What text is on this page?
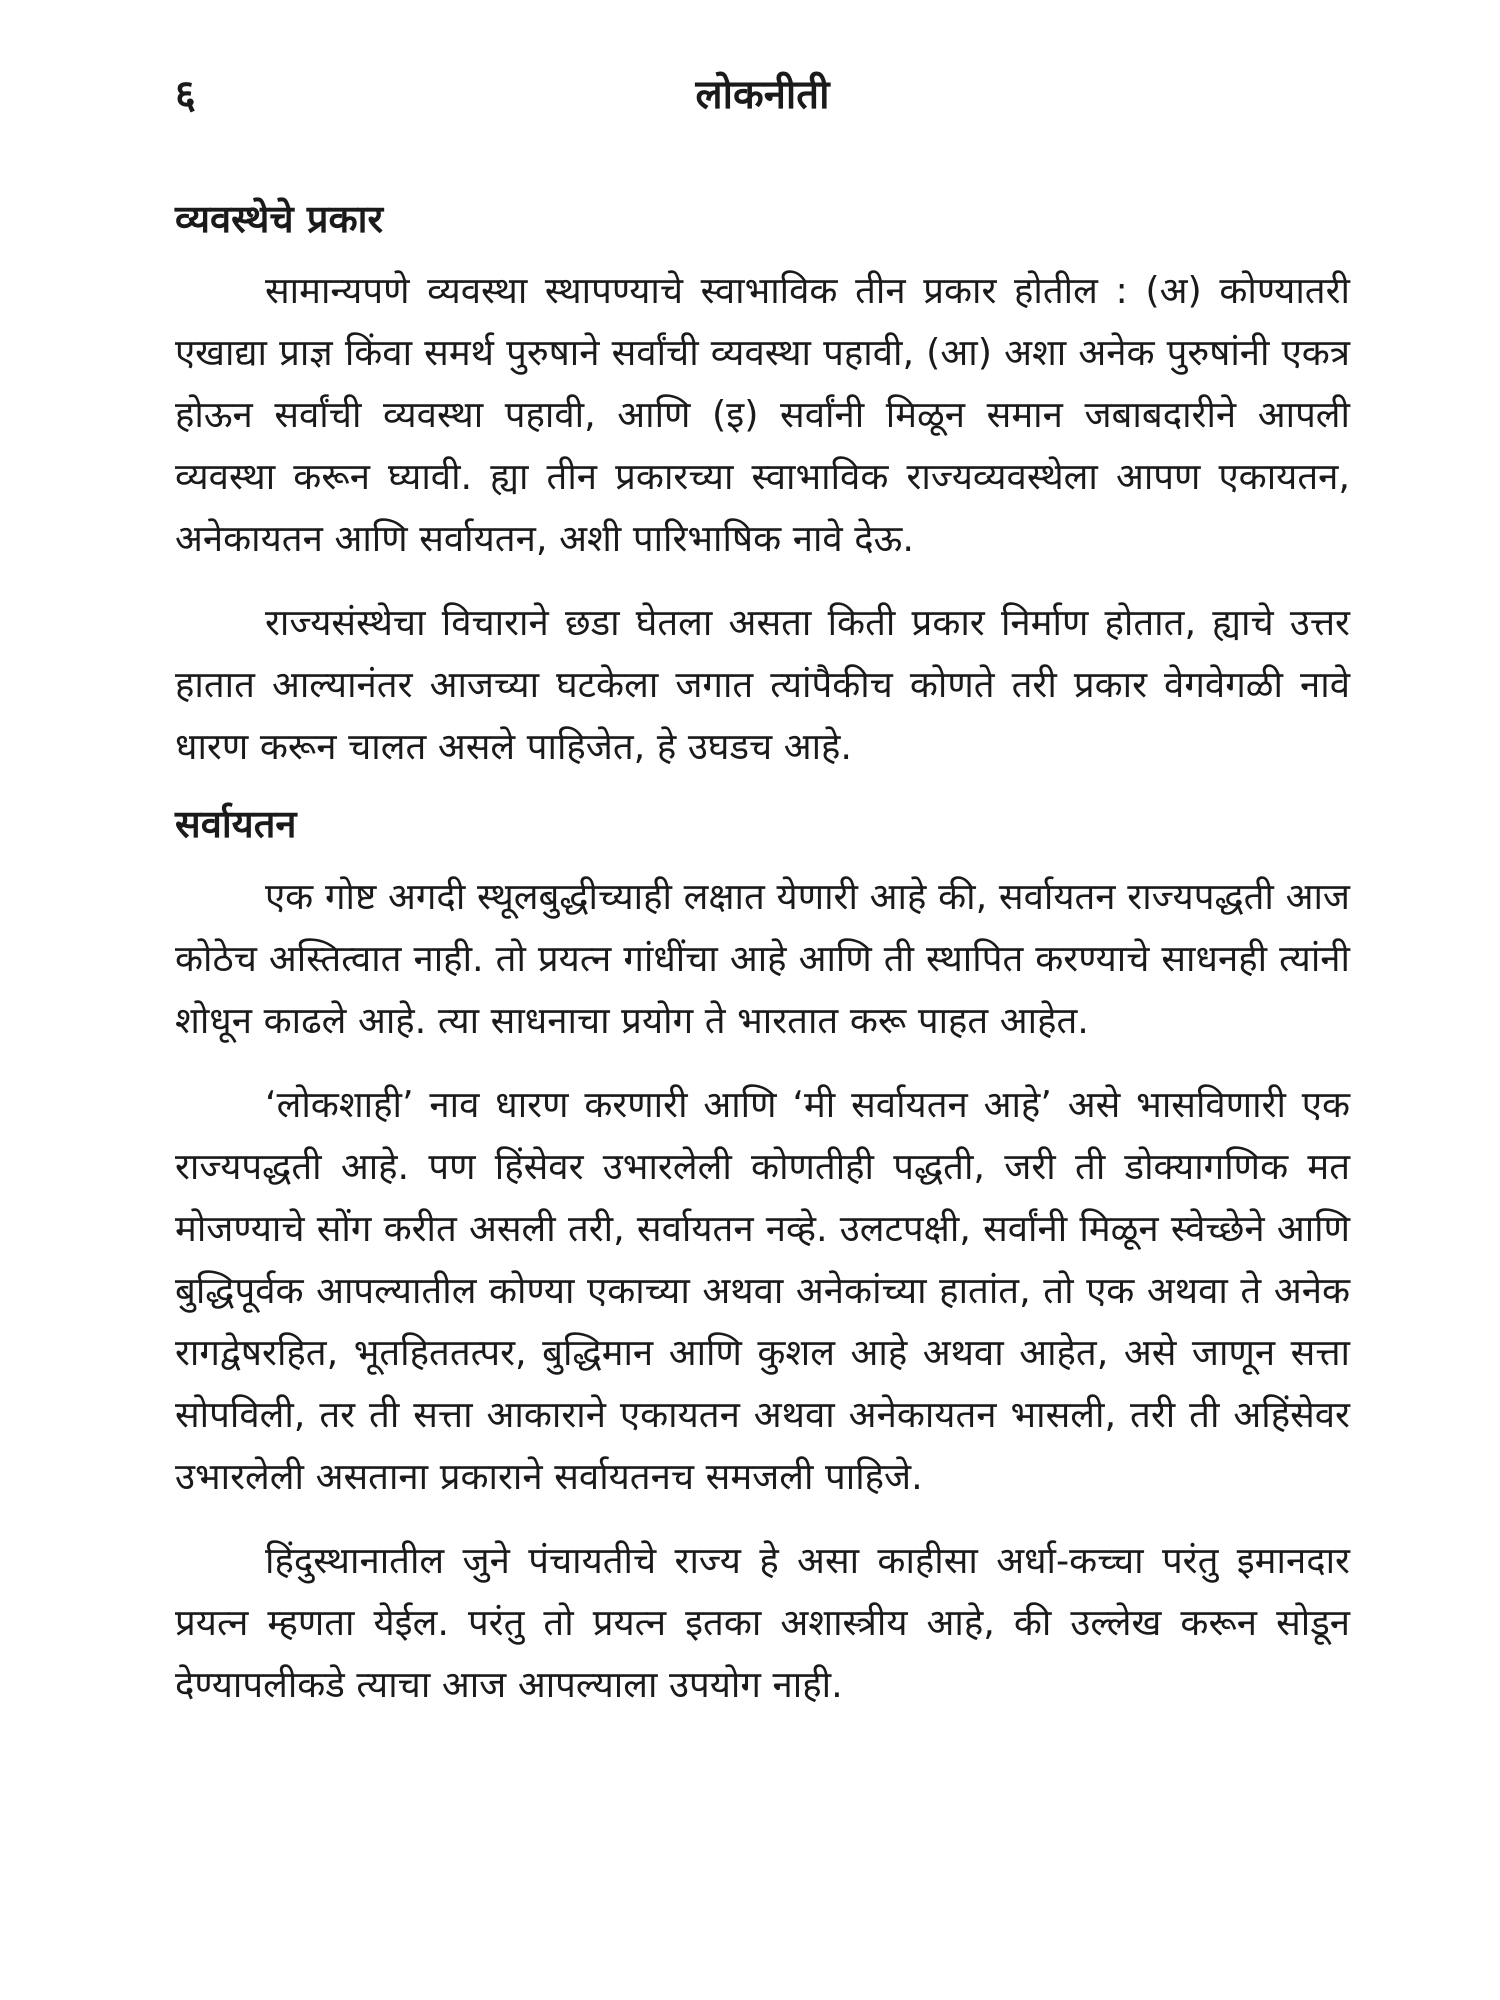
६	लोकनीती
व्यवस्थेचे प्रकार

सामान्यपणे व्यवस्था स्थापण्याचे स्वाभाविक तीन प्रकार होतील : (अ) कोण्यातरी एखाद्या प्राज्ञ किंवा समर्थ पुरुषाने सर्वांची व्यवस्था पहावी, (आ) अशा अनेक पुरुषांनी एकत्र होऊन सर्वांची व्यवस्था पहावी, आणि (इ) सर्वांनी मिळून समान जबाबदारीने आपली व्यवस्था करून घ्यावी. ह्या तीन प्रकारच्या स्वाभाविक राज्यव्यवस्थेला आपण एकायतन, अनेकायतन आणि सर्वायतन, अशी पारिभाषिक नावे देऊ.

राज्यसंस्थेचा विचाराने छडा घेतला असता किती प्रकार निर्माण होतात, ह्याचे उत्तर हातात आल्यानंतर आजच्या घटकेला जगात त्यांपैकीच कोणते तरी प्रकार वेगवेगळी नावे धारण करून चालत असले पाहिजेत, हे उघडच आहे.

सर्वायतन

एक गोष्ट अगदी स्थूलबुद्धीच्याही लक्षात येणारी आहे की, सर्वायतन राज्यपद्धती आज कोठेच अस्तित्वात नाही. तो प्रयत्न गांधींचा आहे आणि ती स्थापित करण्याचे साधनही त्यांनी शोधून काढले आहे. त्या साधनाचा प्रयोग ते भारतात करू पाहत आहेत.

‘लोकशाही’ नाव धारण करणारी आणि ‘मी सर्वायतन आहे’ असे भासविणारी एक राज्यपद्धती आहे. पण हिंसेवर उभारलेली कोणतीही पद्धती, जरी ती डोक्यागणिक मत मोजण्याचे सोंग करीत असली तरी, सर्वायतन नव्हे. उलटपक्षी, सर्वांनी मिळून स्वेच्छेने आणि बुद्धिपूर्वक आपल्यातील कोण्या एकाच्या अथवा अनेकांच्या हातांत, तो एक अथवा ते अनेक रागद्वेषरहित, भूतहिततत्पर, बुद्धिमान आणि कुशल आहे अथवा आहेत, असे जाणून सत्ता सोपविली, तर ती सत्ता आकाराने एकायतन अथवा अनेकायतन भासली, तरी ती अहिंसेवर उभारलेली असताना प्रकाराने सर्वायतनच समजली पाहिजे.

हिंदुस्थानातील जुने पंचायतीचे राज्य हे असा काहीसा अर्धा-कच्चा परंतु इमानदार प्रयत्न म्हणता येईल. परंतु तो प्रयत्न इतका अशास्त्रीय आहे, की उल्लेख करून सोडून देण्यापलीकडे त्याचा आज आपल्याला उपयोग नाही.
